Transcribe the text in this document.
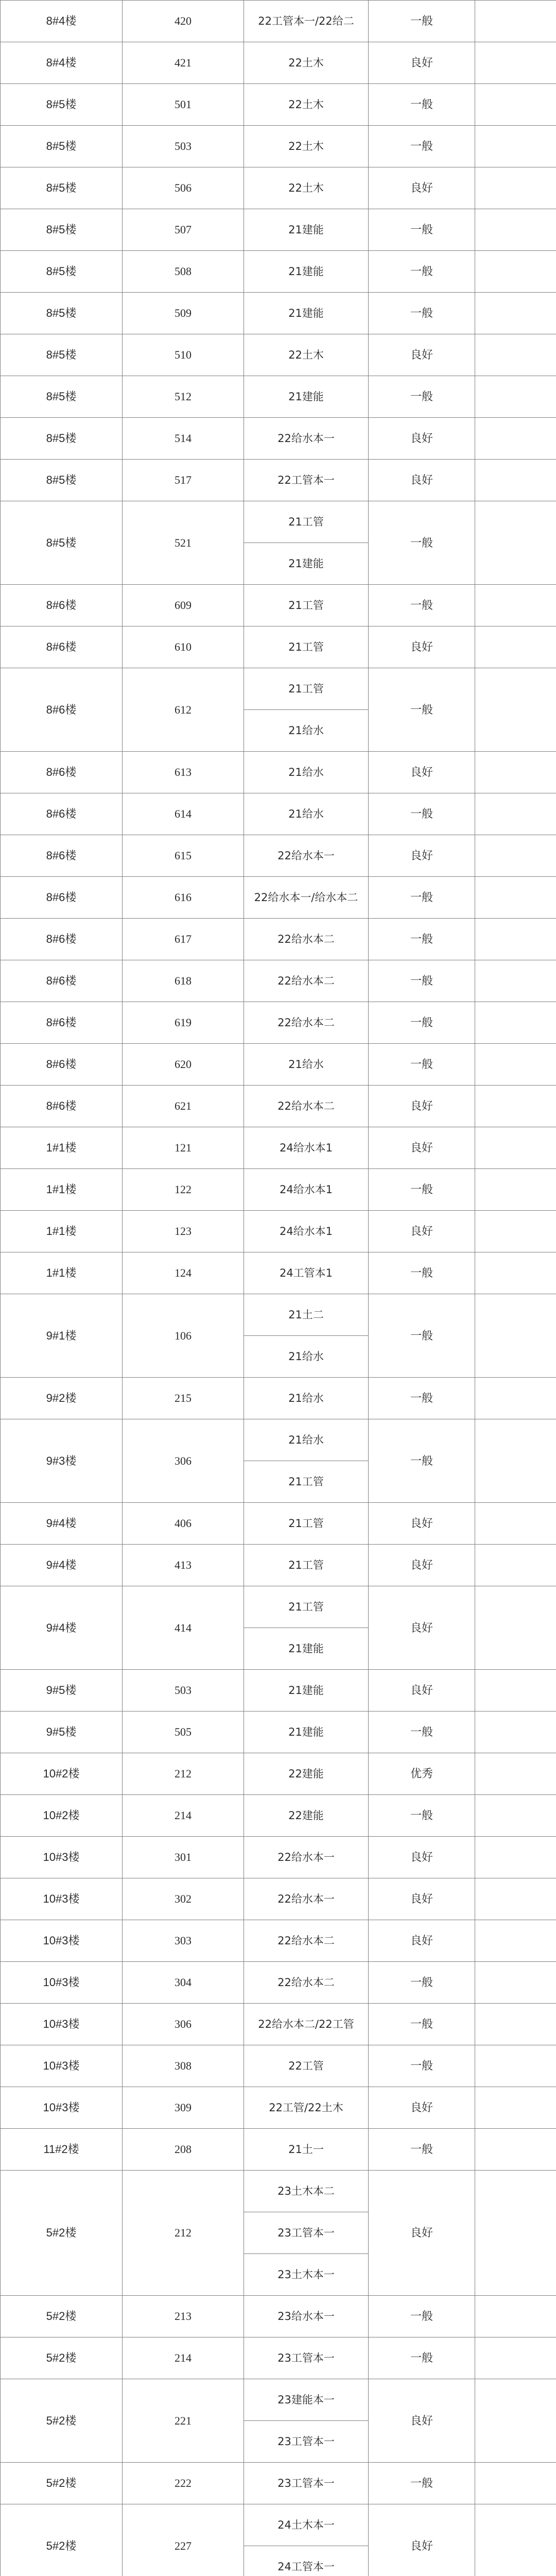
8#4楼	420	22工管本一/22给二	一般	
8#4楼	421	22土木	良好	
8#5楼	501	22土木	一般	
8#5楼	503	22土木	一般	
8#5楼	506	22土木	良好	
8#5楼	507	21建能	一般	
8#5楼	508	21建能	一般	
8#5楼	509	21建能	一般	
8#5楼	510	22土木	良好	
8#5楼	512	21建能	一般	
8#5楼	514	22给水本一	良好	
8#5楼	517	22工管本一	良好	
8#5楼	521	21工管	一般	
		21建能		
8#6楼	609	21工管	一般	
8#6楼	610	21工管	良好	
8#6楼	612	21工管	一般	
		21给水		
8#6楼	613	21给水	良好	
8#6楼	614	21给水	一般	
8#6楼	615	22给水本一	良好	
8#6楼	616	22给水本一/给水本二	一般	
8#6楼	617	22给水本二	一般	
8#6楼	618	22给水本二	一般	
8#6楼	619	22给水本二	一般	
8#6楼	620	21给水	一般	
8#6楼	621	22给水本二	良好	
1#1楼	121	24给水本1	良好	
1#1楼	122	24给水本1	一般	
1#1楼	123	24给水本1	良好	
1#1楼	124	24工管本1	一般	
9#1楼	106	21土二	一般	
		21给水		
9#2楼	215	21给水	一般	
9#3楼	306	21给水	一般	
		21工管		
9#4楼	406	21工管	良好	
9#4楼	413	21工管	良好	
9#4楼	414	21工管	良好	
		21建能		
9#5楼	503	21建能	良好	
9#5楼	505	21建能	一般	
10#2楼	212	22建能	优秀	
10#2楼	214	22建能	一般	
10#3楼	301	22给水本一	良好	
10#3楼	302	22给水本一	良好	
10#3楼	303	22给水本二	良好	
10#3楼	304	22给水本二	一般	
10#3楼	306	22给水本二/22工管	一般	
10#3楼	308	22工管	一般	
10#3楼	309	22工管/22土木	良好	
11#2楼	208	21土一	一般	
5#2楼	212	23土木本二	良好	
		23工管本一		
		23土木本一		
5#2楼	213	23给水本一	一般	
5#2楼	214	23工管本一	一般	
5#2楼	221	23建能本一	良好	
		23工管本一		
5#2楼	222	23工管本一	一般	
5#2楼	227	24土木本一	良好	
		24工管本一		
